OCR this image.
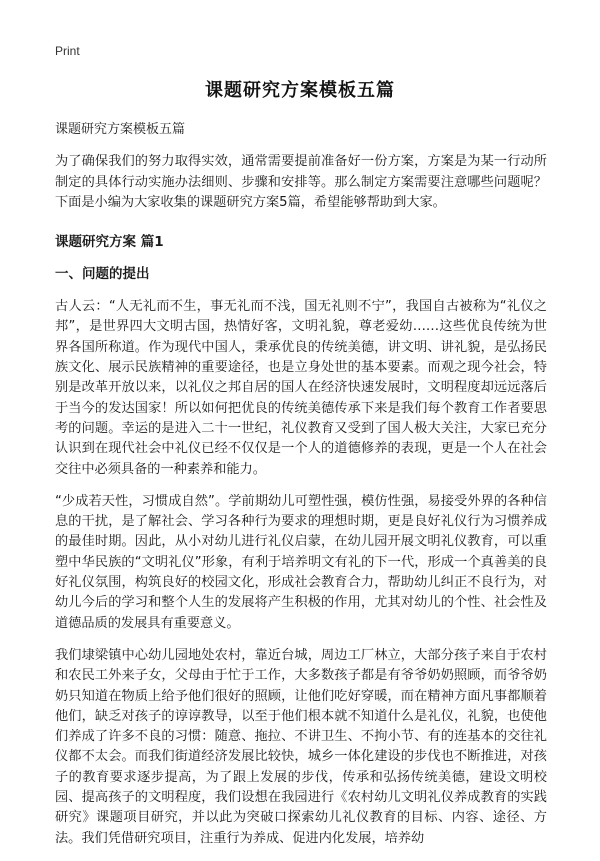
Print
课题研究方案模板五篇

课题研究方案模板五篇

为了确保我们的努力取得实效，通常需要提前准备好一份方案，方案是为某一行动所制定的具体行动实施办法细则、步骤和安排等。那么制定方案需要注意哪些问题呢？下面是小编为大家收集的课题研究方案5篇，希望能够帮助到大家。

课题研究方案 篇1
一、问题的提出

古人云：“人无礼而不生，事无礼而不浅，国无礼则不宁”，我国自古被称为“礼仪之邦”，是世界四大文明古国，热情好客，文明礼貌，尊老爱幼……这些优良传统为世界各国所称道。作为现代中国人，秉承优良的传统美德，讲文明、讲礼貌，是弘扬民族文化、展示民族精神的重要途径，也是立身处世的基本要素。而观之现今社会，特别是改革开放以来，以礼仪之邦自居的国人在经济快速发展时，文明程度却远远落后于当今的发达国家！所以如何把优良的传统美德传承下来是我们每个教育工作者要思考的问题。幸运的是进入二十一世纪，礼仪教育又受到了国人极大关注，大家已充分认识到在现代社会中礼仪已经不仅仅是一个人的道德修养的表现，更是一个人在社会交往中必须具备的一种素养和能力。

“少成若天性，习惯成自然”。学前期幼儿可塑性强，模仿性强，易接受外界的各种信息的干扰，是了解社会、学习各种行为要求的理想时期，更是良好礼仪行为习惯养成的最佳时期。因此，从小对幼儿进行礼仪启蒙，在幼儿园开展文明礼仪教育，可以重塑中华民族的“文明礼仪”形象，有利于培养明文有礼的下一代，形成一个真善美的良好礼仪氛围，构筑良好的校园文化，形成社会教育合力，帮助幼儿纠正不良行为，对幼儿今后的学习和整个人生的发展将产生积极的作用，尤其对幼儿的个性、社会性及道德品质的发展具有重要意义。

我们埭梁镇中心幼儿园地处农村，靠近台城，周边工厂林立，大部分孩子来自于农村和农民工外来子女，父母由于忙于工作，大多数孩子都是有爷爷奶奶照顾，而爷爷奶奶只知道在物质上给予他们很好的照顾，让他们吃好穿暖，而在精神方面凡事都顺着他们，缺乏对孩子的谆谆教导，以至于他们根本就不知道什么是礼仪，礼貌，也使他们养成了许多不良的习惯：随意、拖拉、不讲卫生、不拘小节、有的连基本的交往礼仪都不太会。而我们街道经济发展比较快，城乡一体化建设的步伐也不断推进，对孩子的教育要求逐步提高，为了跟上发展的步伐，传承和弘扬传统美德，建设文明校园、提高孩子的文明程度，我们设想在我园进行《农村幼儿文明礼仪养成教育的实践研究》课题项目研究，并以此为突破口探索幼儿礼仪教育的目标、内容、途径、方法。我们凭借研究项目，注重行为养成、促进内化发展，培养幼
